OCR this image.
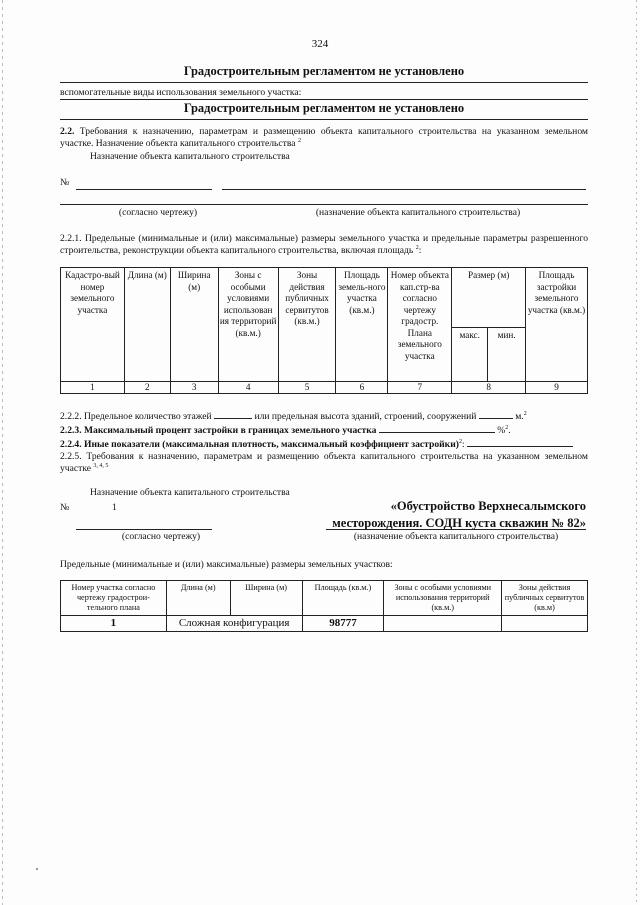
324
Градостроительным регламентом не установлено
вспомогательные виды использования земельного участка:
Градостроительным регламентом не установлено
2.2. Требования к назначению, параметрам и размещению объекта капитального строительства на указанном земельном участке. Назначение объекта капитального строительства $^2$
Назначение объекта капитального строительства
№
(согласно чертежу)	(назначение объекта капитального строительства)
2.2.1. Предельные (минимальные и (или) максимальные) размеры земельного участка и предельные параметры разрешенного строительства, реконструкции объекта капитального строительства, включая площадь $^2$:
Кадастро-вый номер земельного участка	Длина (м)	Ширина (м)	Зоны с особыми условиями использован ия территорий (кв.м.)	Зоны действия публичных сервитутов (кв.м.)	Площадь земель-ного участка (кв.м.)	Номер объекта кап.стр-ва согласно чертежу градостр. Плана земельного участка	Размер (м)		Площадь застройки земельного участка (кв.м.)
							макс.	мин.	
1	2	3	4	5	6	7	8		9
2.2.2. Предельное количество этажей	или предельная высота зданий, строений, сооружений	м.$^2$
2.2.3. Максимальный процент застройки в границах земельного участка	%$^2$.
2.2.4. Иные показатели (максимальная плотность, максимальный коэффициент застройки)$^2$:
2.2.5. Требования к назначению, параметрам и размещению объекта капитального строительства на указанном земельном участке $^{3, 4, 5}$
Назначение объекта капитального строительства
№	1	«Обустройство Верхнесалымского
месторождения. СОДН куста скважин № 82»
(согласно чертежу)	(назначение объекта капитального строительства)
Предельные (минимальные и (или) максимальные) размеры земельных участков:
Номер участка согласно чертежу градострои-тельного плана	Длина (м)	Ширина (м)	Площадь (кв.м.)	Зоны с особыми условиями использования территорий (кв.м.)	Зоны действия публичных сервитутов (кв.м)
1	Сложная конфигурация		98777		
